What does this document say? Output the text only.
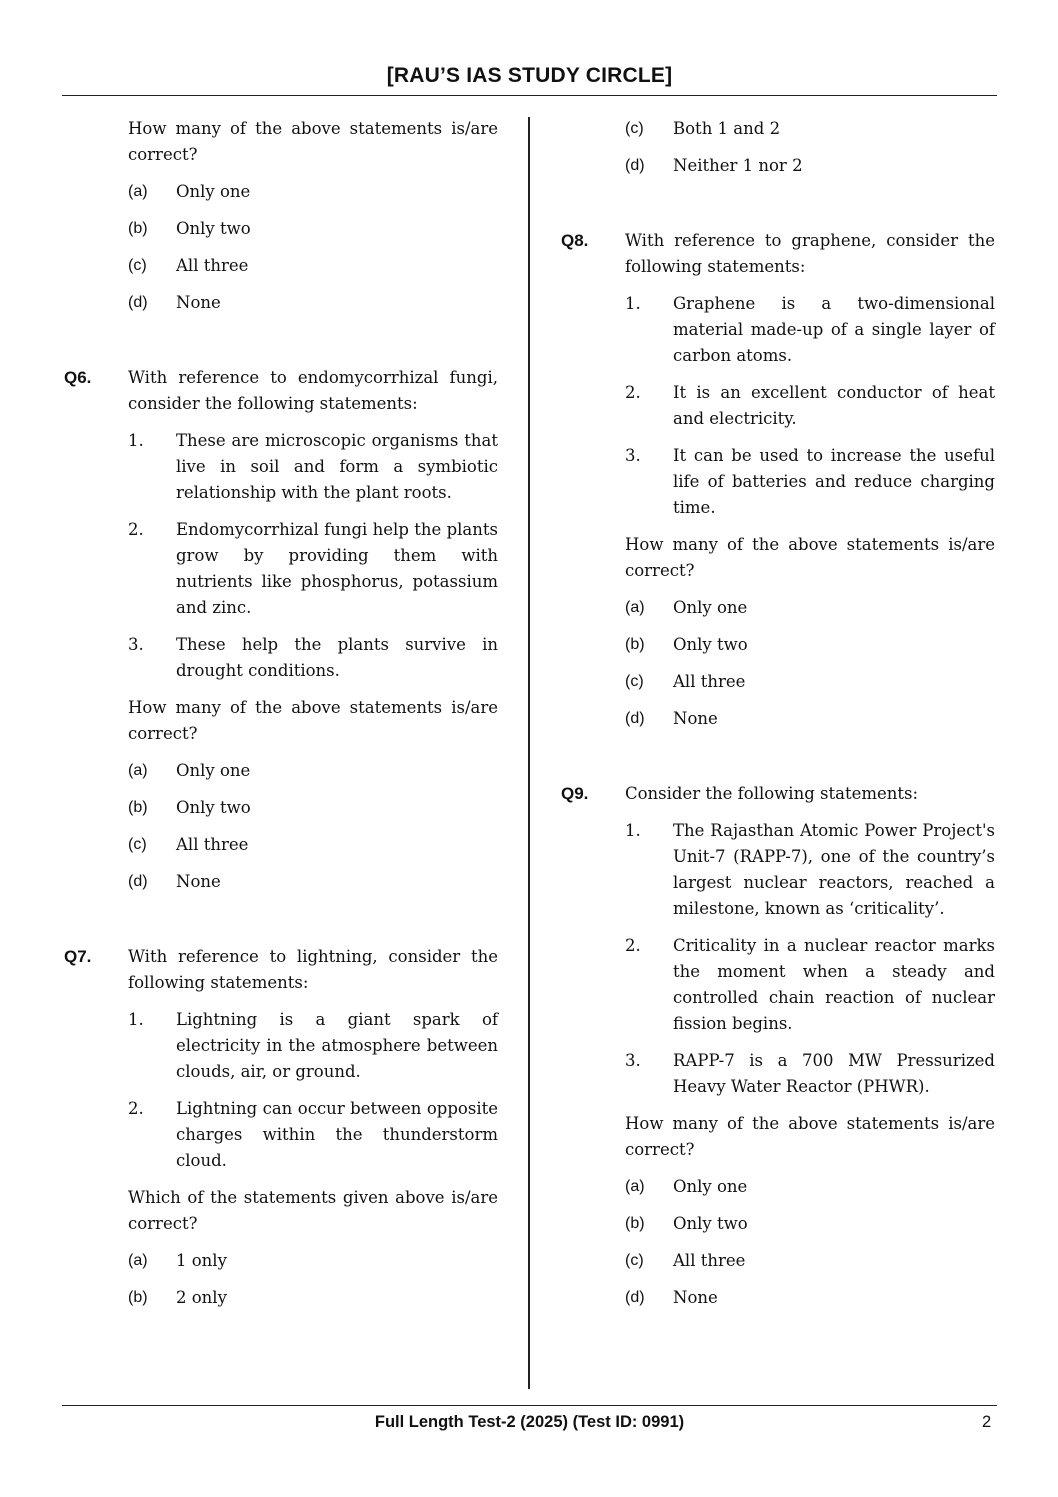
[RAU’S IAS STUDY CIRCLE]
How many of the above statements is/are correct?
(a) Only one
(b) Only two
(c) All three
(d) None
Q6. With reference to endomycorrhizal fungi, consider the following statements:
1. These are microscopic organisms that live in soil and form a symbiotic relationship with the plant roots.
2. Endomycorrhizal fungi help the plants grow by providing them with nutrients like phosphorus, potassium and zinc.
3. These help the plants survive in drought conditions.
How many of the above statements is/are correct?
(a) Only one
(b) Only two
(c) All three
(d) None
Q7. With reference to lightning, consider the following statements:
1. Lightning is a giant spark of electricity in the atmosphere between clouds, air, or ground.
2. Lightning can occur between opposite charges within the thunderstorm cloud.
Which of the statements given above is/are correct?
(a) 1 only
(b) 2 only
(c) Both 1 and 2
(d) Neither 1 nor 2
Q8. With reference to graphene, consider the following statements:
1. Graphene is a two-dimensional material made-up of a single layer of carbon atoms.
2. It is an excellent conductor of heat and electricity.
3. It can be used to increase the useful life of batteries and reduce charging time.
How many of the above statements is/are correct?
(a) Only one
(b) Only two
(c) All three
(d) None
Q9. Consider the following statements:
1. The Rajasthan Atomic Power Project's Unit-7 (RAPP-7), one of the country’s largest nuclear reactors, reached a milestone, known as ‘criticality’.
2. Criticality in a nuclear reactor marks the moment when a steady and controlled chain reaction of nuclear fission begins.
3. RAPP-7 is a 700 MW Pressurized Heavy Water Reactor (PHWR).
How many of the above statements is/are correct?
(a) Only one
(b) Only two
(c) All three
(d) None
Full Length Test-2 (2025) (Test ID: 0991)	2
